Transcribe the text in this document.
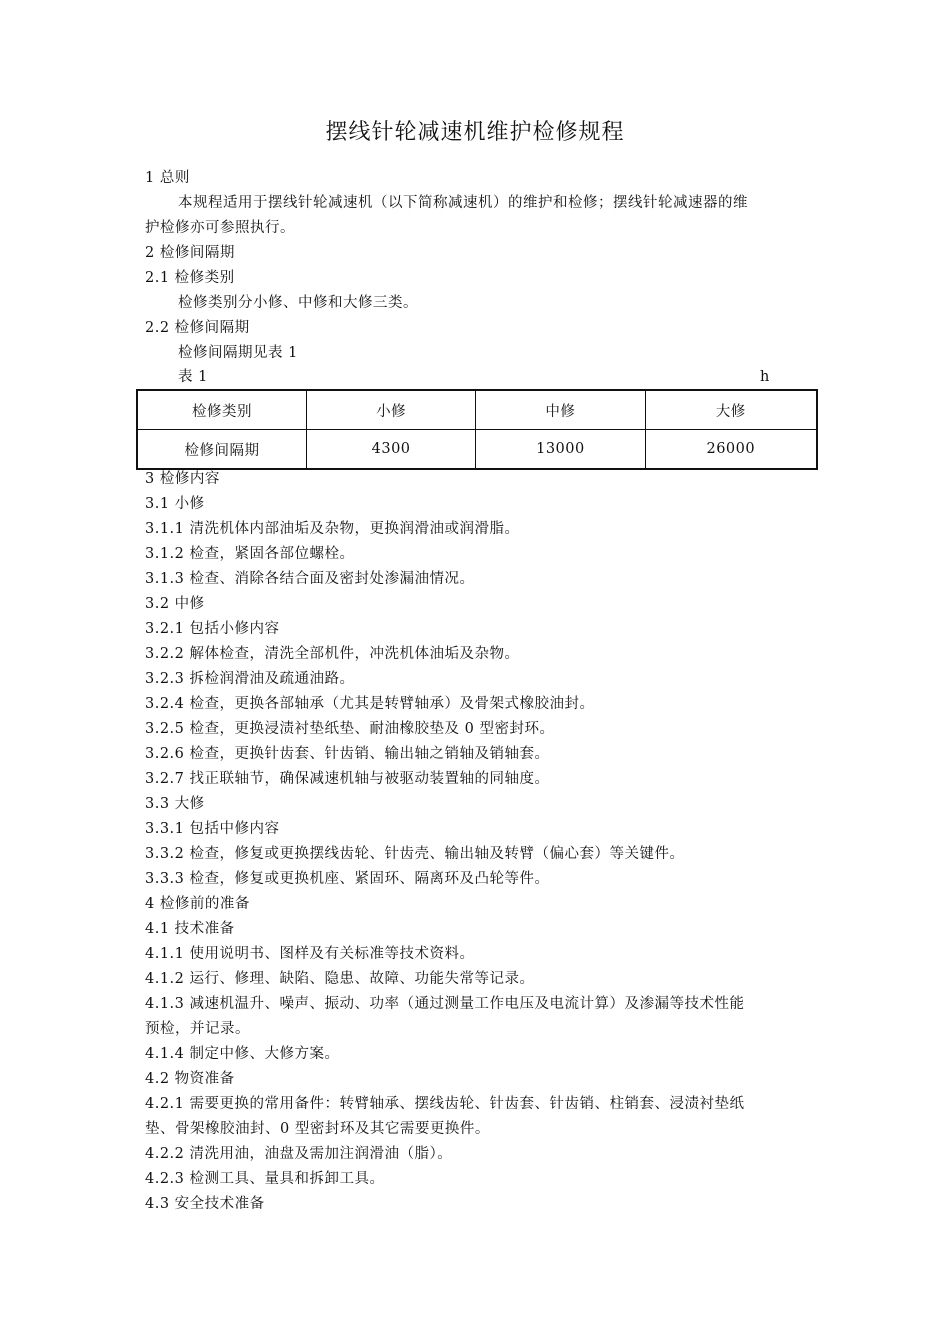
摆线针轮减速机维护检修规程
1 总则
本规程适用于摆线针轮减速机（以下简称减速机）的维护和检修；摆线针轮减速器的维
护检修亦可参照执行。
2 检修间隔期
2.1 检修类别
检修类别分小修、中修和大修三类。
2.2 检修间隔期
检修间隔期见表 1
表 1	h
检修类别	小修	中修	大修
检修间隔期	4300	13000	26000
3 检修内容
3.1 小修
3.1.1 清洗机体内部油垢及杂物，更换润滑油或润滑脂。
3.1.2 检查，紧固各部位螺栓。
3.1.3 检查、消除各结合面及密封处渗漏油情况。
3.2 中修
3.2.1 包括小修内容
3.2.2 解体检查，清洗全部机件，冲洗机体油垢及杂物。
3.2.3 拆检润滑油及疏通油路。
3.2.4 检查，更换各部轴承（尤其是转臂轴承）及骨架式橡胶油封。
3.2.5 检查，更换浸渍衬垫纸垫、耐油橡胶垫及 0 型密封环。
3.2.6 检查，更换针齿套、针齿销、输出轴之销轴及销轴套。
3.2.7 找正联轴节，确保减速机轴与被驱动装置轴的同轴度。
3.3 大修
3.3.1 包括中修内容
3.3.2 检查，修复或更换摆线齿轮、针齿壳、输出轴及转臂（偏心套）等关键件。
3.3.3 检查，修复或更换机座、紧固环、隔离环及凸轮等件。
4 检修前的准备
4.1 技术准备
4.1.1 使用说明书、图样及有关标准等技术资料。
4.1.2 运行、修理、缺陷、隐患、故障、功能失常等记录。
4.1.3 减速机温升、噪声、振动、功率（通过测量工作电压及电流计算）及渗漏等技术性能
预检，并记录。
4.1.4 制定中修、大修方案。
4.2 物资准备
4.2.1 需要更换的常用备件：转臂轴承、摆线齿轮、针齿套、针齿销、柱销套、浸渍衬垫纸
垫、骨架橡胶油封、0 型密封环及其它需要更换件。
4.2.2 清洗用油，油盘及需加注润滑油（脂）。
4.2.3 检测工具、量具和拆卸工具。
4.3 安全技术准备
